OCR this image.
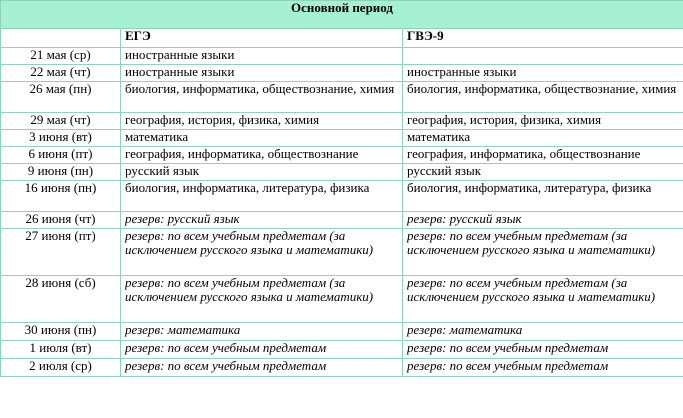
Основной период		
	ЕГЭ	ГВЭ-9
21 мая (ср)	иностранные языки	
22 мая (чт)	иностранные языки	иностранные языки
26 мая (пн)	биология, информатика, обществознание, химия	биология, информатика, обществознание, химия
29 мая (чт)	география, история, физика, химия	география, история, физика, химия
3 июня (вт)	математика	математика
6 июня (пт)	география, информатика, обществознание	география, информатика, обществознание
9 июня (пн)	русский язык	русский язык
16 июня (пн)	биология, информатика, литература, физика	биология, информатика, литература, физика
26 июня (чт)	резерв: русский язык	резерв: русский язык
27 июня (пт)	резерв: по всем учебным предметам (за исключением русского языка и математики)	резерв: по всем учебным предметам (за исключением русского языка и математики)
28 июня (сб)	резерв: по всем учебным предметам (за исключением русского языка и математики)	резерв: по всем учебным предметам (за исключением русского языка и математики)
30 июня (пн)	резерв: математика	резерв: математика
1 июля (вт)	резерв: по всем учебным предметам	резерв: по всем учебным предметам
2 июля (ср)	резерв: по всем учебным предметам	резерв: по всем учебным предметам
